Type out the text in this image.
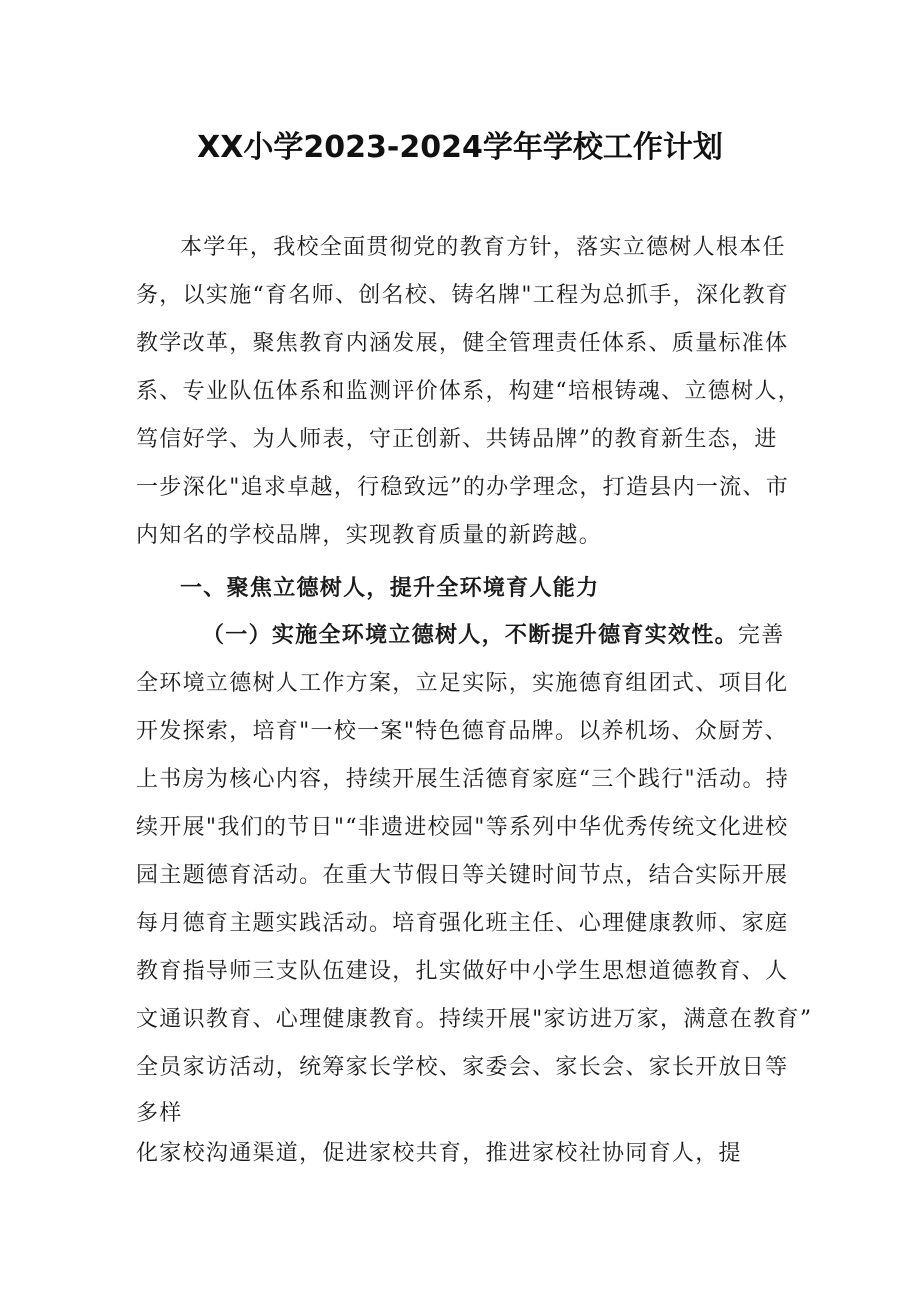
XX小学2023-2024学年学校工作计划
本学年，我校全面贯彻党的教育方针，落实立德树人根本任
务，以实施“育名师、创名校、铸名牌"工程为总抓手，深化教育
教学改革，聚焦教育内涵发展，健全管理责任体系、质量标准体
系、专业队伍体系和监测评价体系，构建“培根铸魂、立德树人，
笃信好学、为人师表，守正创新、共铸品牌”的教育新生态，进
一步深化"追求卓越，行稳致远”的办学理念，打造县内一流、市
内知名的学校品牌，实现教育质量的新跨越。
一、聚焦立德树人，提升全环境育人能力
（一）实施全环境立德树人，不断提升德育实效性。完善
全环境立德树人工作方案，立足实际，实施德育组团式、项目化
开发探索，培育"一校一案"特色德育品牌。以养机场、众厨芳、
上书房为核心内容，持续开展生活德育家庭“三个践行"活动。持
续开展"我们的节日"“非遗进校园"等系列中华优秀传统文化进校
园主题德育活动。在重大节假日等关键时间节点，结合实际开展
每月德育主题实践活动。培育强化班主任、心理健康教师、家庭
教育指导师三支队伍建设，扎实做好中小学生思想道德教育、人
文通识教育、心理健康教育。持续开展"家访进万家，满意在教育”
全员家访活动，统筹家长学校、家委会、家长会、家长开放日等
多样
化家校沟通渠道，促进家校共育，推进家校社协同育人，提
